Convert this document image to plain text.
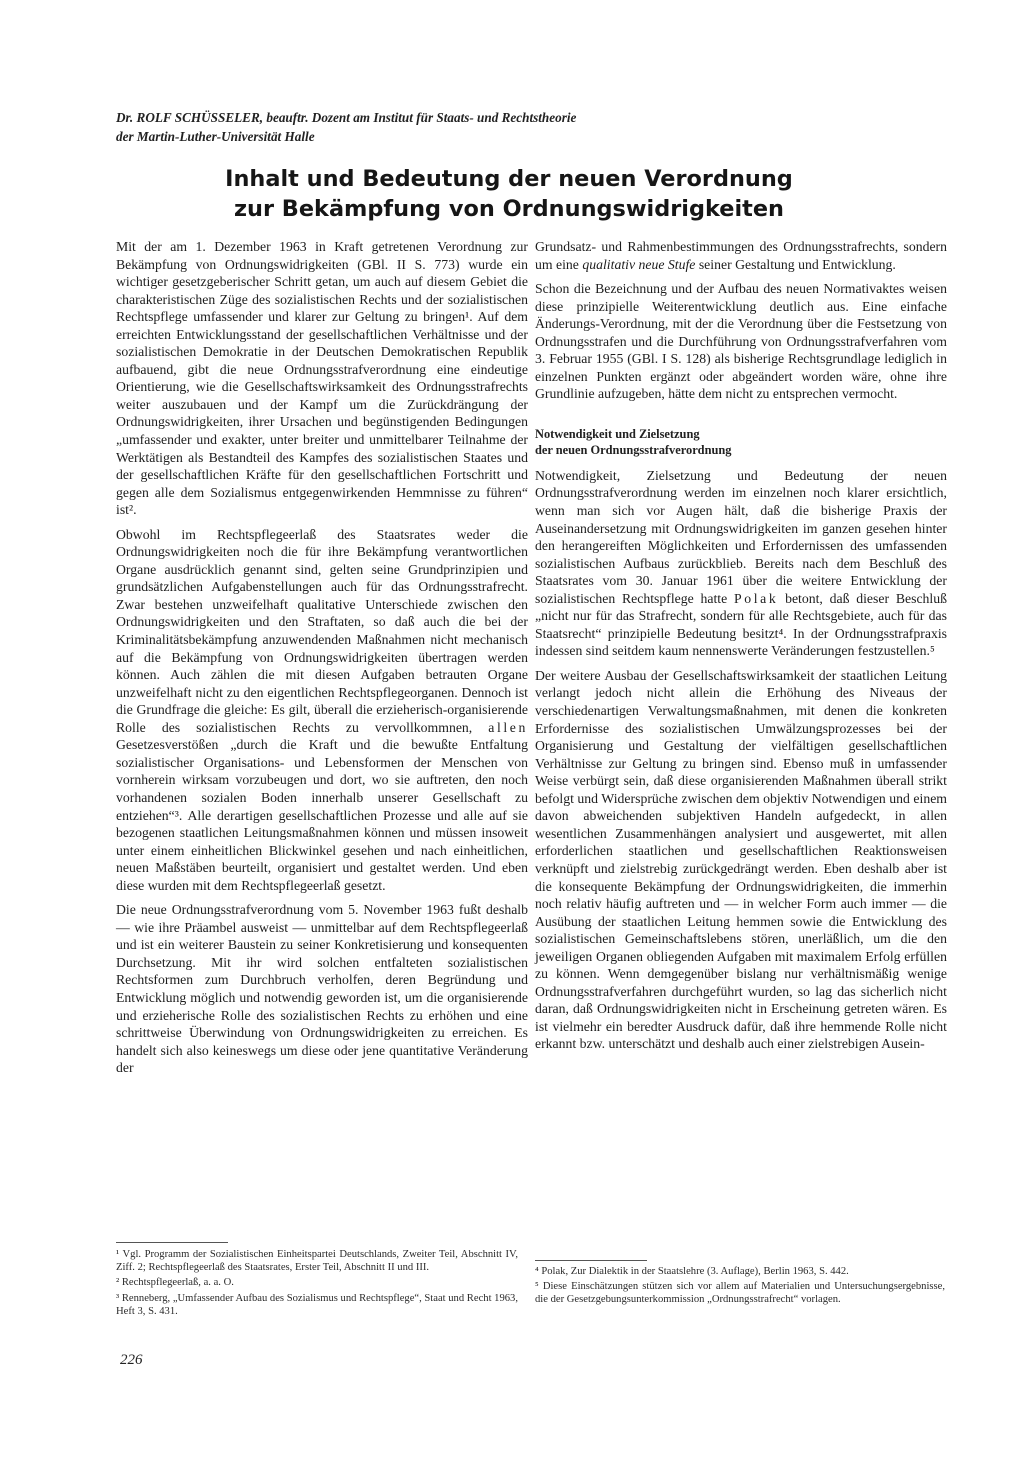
Dr. ROLF SCHÜSSELER, beauftr. Dozent am Institut für Staats- und Rechtstheorie
der Martin-Luther-Universität Halle
Inhalt und Bedeutung der neuen Verordnung
zur Bekämpfung von Ordnungswidrigkeiten

Mit der am 1. Dezember 1963 in Kraft getretenen Verordnung zur Bekämpfung von Ordnungswidrigkeiten (GBl. II S. 773) wurde ein wichtiger gesetzgeberischer Schritt getan, um auch auf diesem Gebiet die charakteristischen Züge des sozialistischen Rechts und der sozialistischen Rechtspflege umfassender und klarer zur Geltung zu bringen¹. Auf dem erreichten Entwicklungsstand der gesellschaftlichen Verhältnisse und der sozialistischen Demokratie in der Deutschen Demokratischen Republik aufbauend, gibt die neue Ordnungsstrafverordnung eine eindeutige Orientierung, wie die Gesellschaftswirksamkeit des Ordnungsstrafrechts weiter auszubauen und der Kampf um die Zurückdrängung der Ordnungswidrigkeiten, ihrer Ursachen und begünstigenden Bedingungen „umfassender und exakter, unter breiter und unmittelbarer Teilnahme der Werktätigen als Bestandteil des Kampfes des sozialistischen Staates und der gesellschaftlichen Kräfte für den gesellschaftlichen Fortschritt und gegen alle dem Sozialismus entgegenwirkenden Hemmnisse zu führen“ ist².

Obwohl im Rechtspflegeerlaß des Staatsrates weder die Ordnungswidrigkeiten noch die für ihre Bekämpfung verantwortlichen Organe ausdrücklich genannt sind, gelten seine Grundprinzipien und grundsätzlichen Aufgabenstellungen auch für das Ordnungsstrafrecht. Zwar bestehen unzweifelhaft qualitative Unterschiede zwischen den Ordnungswidrigkeiten und den Straftaten, so daß auch die bei der Kriminalitätsbekämpfung anzuwendenden Maßnahmen nicht mechanisch auf die Bekämpfung von Ordnungswidrigkeiten übertragen werden können. Auch zählen die mit diesen Aufgaben betrauten Organe unzweifelhaft nicht zu den eigentlichen Rechtspflegeorganen. Dennoch ist die Grundfrage die gleiche: Es gilt, überall die erzieherisch-organisierende Rolle des sozialistischen Rechts zu vervollkommnen, allen Gesetzesverstößen „durch die Kraft und die bewußte Entfaltung sozialistischer Organisations- und Lebensformen der Menschen von vornherein wirksam vorzubeugen und dort, wo sie auftreten, den noch vorhandenen sozialen Boden innerhalb unserer Gesellschaft zu entziehen“³. Alle derartigen gesellschaftlichen Prozesse und alle auf sie bezogenen staatlichen Leitungsmaßnahmen können und müssen insoweit unter einem einheitlichen Blickwinkel gesehen und nach einheitlichen, neuen Maßstäben beurteilt, organisiert und gestaltet werden. Und eben diese wurden mit dem Rechtspflegeerlaß gesetzt.

Die neue Ordnungsstrafverordnung vom 5. November 1963 fußt deshalb — wie ihre Präambel ausweist — unmittelbar auf dem Rechtspflegeerlaß und ist ein weiterer Baustein zu seiner Konkretisierung und konsequenten Durchsetzung. Mit ihr wird solchen entfalteten sozialistischen Rechtsformen zum Durchbruch verholfen, deren Begründung und Entwicklung möglich und notwendig geworden ist, um die organisierende und erzieherische Rolle des sozialistischen Rechts zu erhöhen und eine schrittweise Überwindung von Ordnungswidrigkeiten zu erreichen. Es handelt sich also keineswegs um diese oder jene quantitative Veränderung der

Grundsatz- und Rahmenbestimmungen des Ordnungsstrafrechts, sondern um eine qualitativ neue Stufe seiner Gestaltung und Entwicklung.

Schon die Bezeichnung und der Aufbau des neuen Normativaktes weisen diese prinzipielle Weiterentwicklung deutlich aus. Eine einfache Änderungs-Verordnung, mit der die Verordnung über die Festsetzung von Ordnungsstrafen und die Durchführung von Ordnungsstrafverfahren vom 3. Februar 1955 (GBl. I S. 128) als bisherige Rechtsgrundlage lediglich in einzelnen Punkten ergänzt oder abgeändert worden wäre, ohne ihre Grundlinie aufzugeben, hätte dem nicht zu entsprechen vermocht.

Notwendigkeit und Zielsetzung
der neuen Ordnungsstrafverordnung

Notwendigkeit, Zielsetzung und Bedeutung der neuen Ordnungsstrafverordnung werden im einzelnen noch klarer ersichtlich, wenn man sich vor Augen hält, daß die bisherige Praxis der Auseinandersetzung mit Ordnungswidrigkeiten im ganzen gesehen hinter den herangereiften Möglichkeiten und Erfordernissen des umfassenden sozialistischen Aufbaus zurückblieb. Bereits nach dem Beschluß des Staatsrates vom 30. Januar 1961 über die weitere Entwicklung der sozialistischen Rechtspflege hatte Polak betont, daß dieser Beschluß „nicht nur für das Strafrecht, sondern für alle Rechtsgebiete, auch für das Staatsrecht“ prinzipielle Bedeutung besitzt⁴. In der Ordnungsstrafpraxis indessen sind seitdem kaum nennenswerte Veränderungen festzustellen.⁵

Der weitere Ausbau der Gesellschaftswirksamkeit der staatlichen Leitung verlangt jedoch nicht allein die Erhöhung des Niveaus der verschiedenartigen Verwaltungsmaßnahmen, mit denen die konkreten Erfordernisse des sozialistischen Umwälzungsprozesses bei der Organisierung und Gestaltung der vielfältigen gesellschaftlichen Verhältnisse zur Geltung zu bringen sind. Ebenso muß in umfassender Weise verbürgt sein, daß diese organisierenden Maßnahmen überall strikt befolgt und Widersprüche zwischen dem objektiv Notwendigen und einem davon abweichenden subjektiven Handeln aufgedeckt, in allen wesentlichen Zusammenhängen analysiert und ausgewertet, mit allen erforderlichen staatlichen und gesellschaftlichen Reaktionsweisen verknüpft und zielstrebig zurückgedrängt werden. Eben deshalb aber ist die konsequente Bekämpfung der Ordnungswidrigkeiten, die immerhin noch relativ häufig auftreten und — in welcher Form auch immer — die Ausübung der staatlichen Leitung hemmen sowie die Entwicklung des sozialistischen Gemeinschaftslebens stören, unerläßlich, um die den jeweiligen Organen obliegenden Aufgaben mit maximalem Erfolg erfüllen zu können. Wenn demgegenüber bislang nur verhältnismäßig wenige Ordnungsstrafverfahren durchgeführt wurden, so lag das sicherlich nicht daran, daß Ordnungswidrigkeiten nicht in Erscheinung getreten wären. Es ist vielmehr ein beredter Ausdruck dafür, daß ihre hemmende Rolle nicht erkannt bzw. unterschätzt und deshalb auch einer zielstrebigen Ausein-

¹ Vgl. Programm der Sozialistischen Einheitspartei Deutschlands, Zweiter Teil, Abschnitt IV, Ziff. 2; Rechtspflegeerlaß des Staatsrates, Erster Teil, Abschnitt II und III.
² Rechtspflegeerlaß, a. a. O.
³ Renneberg, „Umfassender Aufbau des Sozialismus und Rechtspflege“, Staat und Recht 1963, Heft 3, S. 431.
⁴ Polak, Zur Dialektik in der Staatslehre (3. Auflage), Berlin 1963, S. 442.
⁵ Diese Einschätzungen stützen sich vor allem auf Materialien und Untersuchungsergebnisse, die der Gesetzgebungsunterkommission „Ordnungsstrafrecht“ vorlagen.
226
